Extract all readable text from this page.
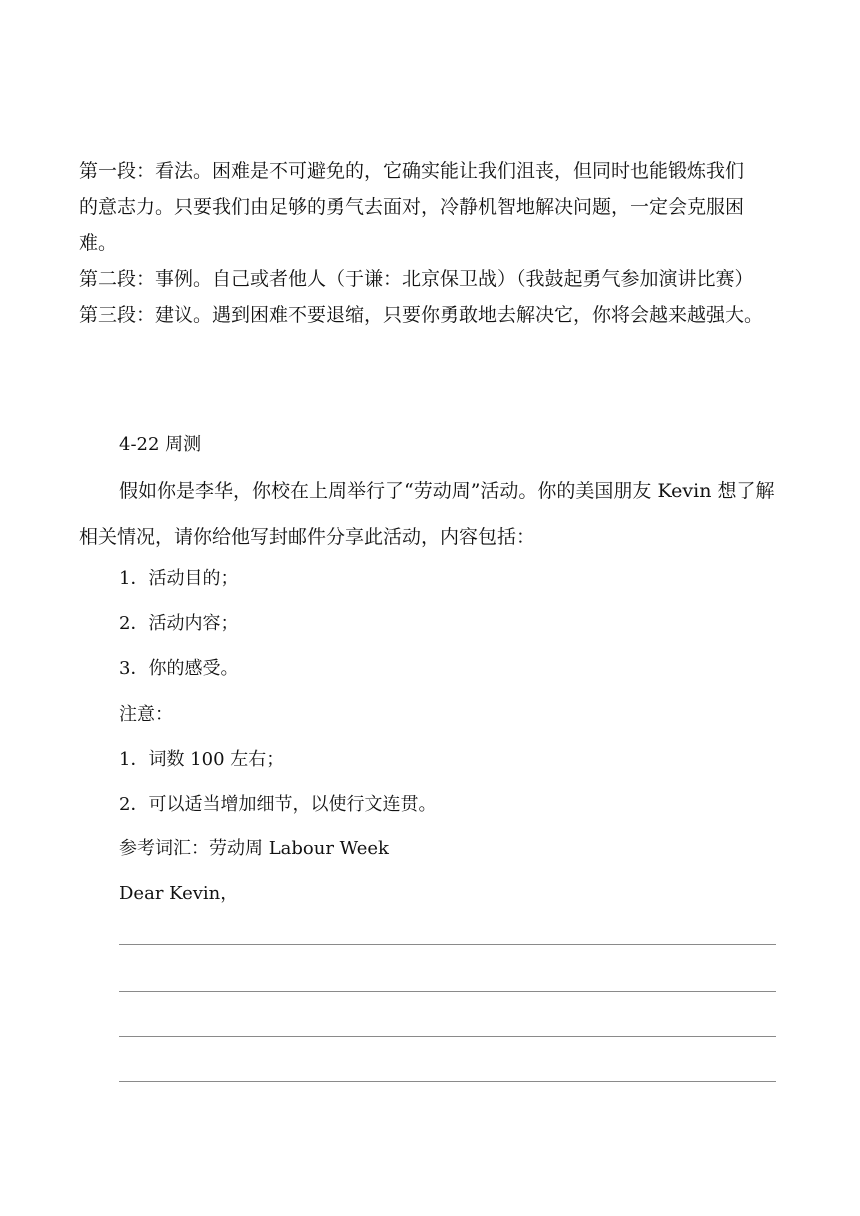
第一段：看法。困难是不可避免的，它确实能让我们沮丧，但同时也能锻炼我们

的意志力。只要我们由足够的勇气去面对，冷静机智地解决问题，一定会克服困

难。

第二段：事例。自己或者他人（于谦：北京保卫战）（我鼓起勇气参加演讲比赛）

第三段：建议。遇到困难不要退缩，只要你勇敢地去解决它，你将会越来越强大。

4-22 周测

假如你是李华，你校在上周举行了“劳动周”活动。你的美国朋友 Kevin 想了解相关情况，请你给他写封邮件分享此活动，内容包括：

1．活动目的；
2．活动内容；
3．你的感受。
注意：
1．词数 100 左右；
2．可以适当增加细节，以使行文连贯。
参考词汇：劳动周 Labour Week
Dear Kevin，
